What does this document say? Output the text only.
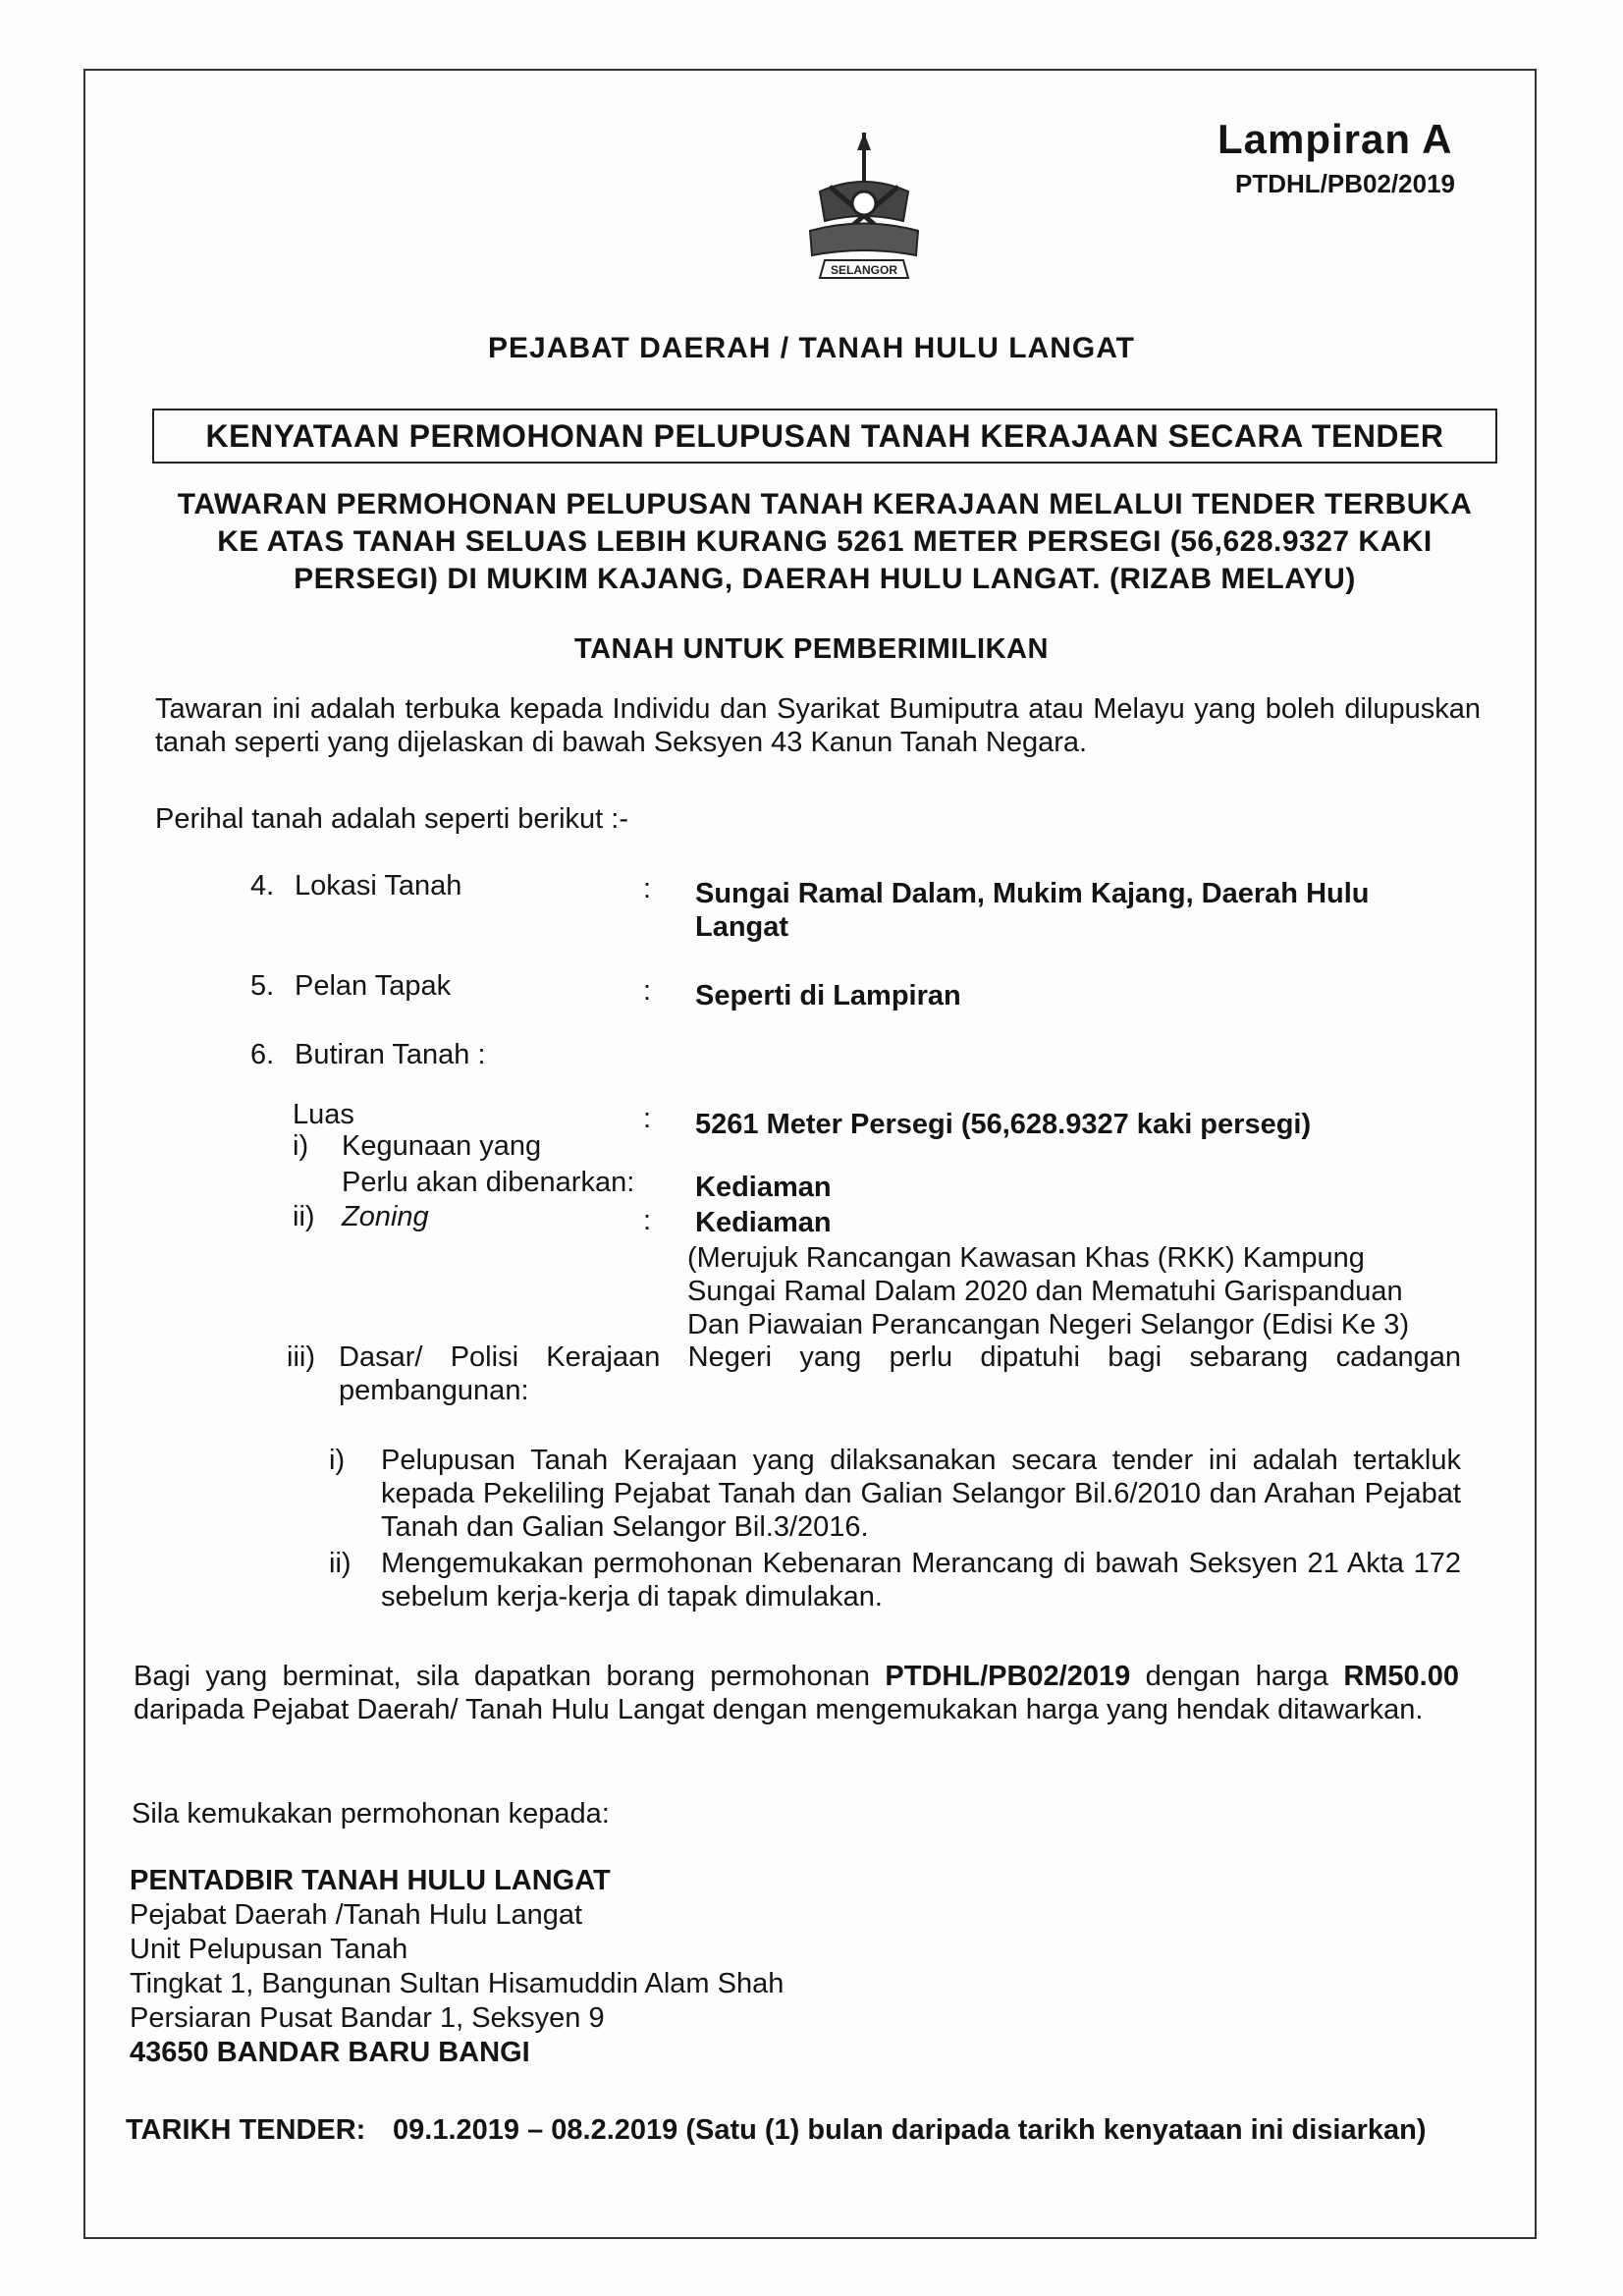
Lampiran A
PTDHL/PB02/2019
SELANGOR
PEJABAT DAERAH / TANAH HULU LANGAT
KENYATAAN PERMOHONAN PELUPUSAN TANAH KERAJAAN SECARA TENDER
TAWARAN PERMOHONAN PELUPUSAN TANAH KERAJAAN MELALUI TENDER TERBUKA
KE ATAS TANAH SELUAS LEBIH KURANG 5261 METER PERSEGI (56,628.9327 KAKI
PERSEGI) DI MUKIM KAJANG, DAERAH HULU LANGAT. (RIZAB MELAYU)
TANAH UNTUK PEMBERIMILIKAN
Tawaran ini adalah terbuka kepada Individu dan Syarikat Bumiputra atau Melayu yang boleh dilupuskan tanah seperti yang dijelaskan di bawah Seksyen 43 Kanun Tanah Negara.
Perihal tanah adalah seperti berikut :-
4. Lokasi Tanah	: Sungai Ramal Dalam, Mukim Kajang, Daerah Hulu
Langat
5. Pelan Tapak	: Seperti di Lampiran
6. Butiran Tanah :
Luas	: 5261 Meter Persegi (56,628.9327 kaki persegi)
i) Kegunaan yang
Perlu akan dibenarkan: Kediaman
ii) Zoning	: Kediaman
(Merujuk Rancangan Kawasan Khas (RKK) Kampung
Sungai Ramal Dalam 2020 dan Mematuhi Garispanduan
Dan Piawaian Perancangan Negeri Selangor (Edisi Ke 3)
iii) Dasar/ Polisi Kerajaan Negeri yang perlu dipatuhi bagi sebarang cadangan pembangunan:
i) Pelupusan Tanah Kerajaan yang dilaksanakan secara tender ini adalah tertakluk kepada Pekeliling Pejabat Tanah dan Galian Selangor Bil.6/2010 dan Arahan Pejabat Tanah dan Galian Selangor Bil.3/2016.
ii) Mengemukakan permohonan Kebenaran Merancang di bawah Seksyen 21 Akta 172 sebelum kerja-kerja di tapak dimulakan.
Bagi yang berminat, sila dapatkan borang permohonan PTDHL/PB02/2019 dengan harga RM50.00 daripada Pejabat Daerah/ Tanah Hulu Langat dengan mengemukakan harga yang hendak ditawarkan.
Sila kemukakan permohonan kepada:
PENTADBIR TANAH HULU LANGAT
Pejabat Daerah /Tanah Hulu Langat
Unit Pelupusan Tanah
Tingkat 1, Bangunan Sultan Hisamuddin Alam Shah
Persiaran Pusat Bandar 1, Seksyen 9
43650 BANDAR BARU BANGI
TARIKH TENDER: 09.1.2019 – 08.2.2019 (Satu (1) bulan daripada tarikh kenyataan ini disiarkan)
